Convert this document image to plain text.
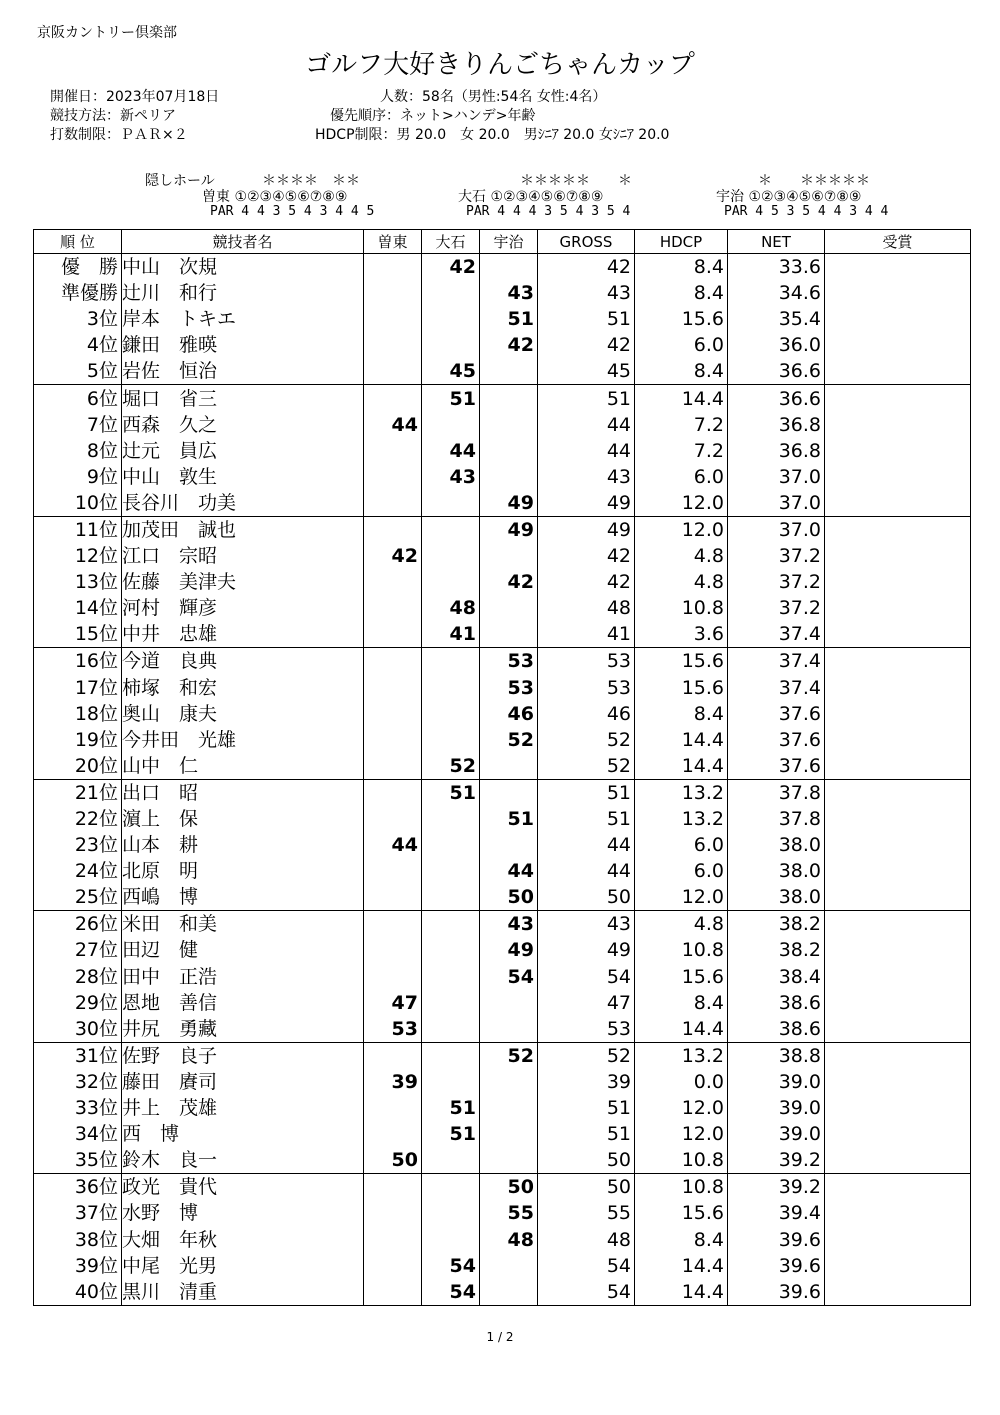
京阪カントリー倶楽部
ゴルフ大好きりんごちゃんカップ
開催日：2023年07月18日
競技方法：新ペリア
打数制限：ＰＡＲ×２
人数：58名（男性:54名 女性:4名）
優先順序：ネット>ハンデ>年齢
HDCP制限：男 20.0　女 20.0　男ｼﾆｱ 20.0 女ｼﾆｱ 20.0
隠しホール	＊＊＊＊　＊＊
曽東 ①②③④⑤⑥⑦⑧⑨
PAR 4 4 3 5 4 3 4 4 5
＊＊＊＊＊　　＊
大石 ①②③④⑤⑥⑦⑧⑨
PAR 4 4 4 3 5 4 3 5 4
＊　　＊＊＊＊＊
宇治 ①②③④⑤⑥⑦⑧⑨
PAR 4 5 3 5 4 4 3 4 4
順 位	競技者名	曽東	大石	宇治	GROSS	HDCP	NET	受賞
優　勝	中山　次規		42		42	8.4	33.6	
準優勝	辻川　和行			43	43	8.4	34.6	
3位	岸本　トキエ			51	51	15.6	35.4	
4位	鎌田　雅暎			42	42	6.0	36.0	
5位	岩佐　恒治		45		45	8.4	36.6	
6位	堀口　省三		51		51	14.4	36.6	
7位	西森　久之	44			44	7.2	36.8	
8位	辻元　員広		44		44	7.2	36.8	
9位	中山　敦生		43		43	6.0	37.0	
10位	長谷川　功美			49	49	12.0	37.0	
11位	加茂田　誠也			49	49	12.0	37.0	
12位	江口　宗昭	42			42	4.8	37.2	
13位	佐藤　美津夫			42	42	4.8	37.2	
14位	河村　輝彦		48		48	10.8	37.2	
15位	中井　忠雄		41		41	3.6	37.4	
16位	今道　良典			53	53	15.6	37.4	
17位	柿塚　和宏			53	53	15.6	37.4	
18位	奥山　康夫			46	46	8.4	37.6	
19位	今井田　光雄			52	52	14.4	37.6	
20位	山中　仁		52		52	14.4	37.6	
21位	出口　昭		51		51	13.2	37.8	
22位	濵上　保			51	51	13.2	37.8	
23位	山本　耕	44			44	6.0	38.0	
24位	北原　明			44	44	6.0	38.0	
25位	西嶋　博			50	50	12.0	38.0	
26位	米田　和美			43	43	4.8	38.2	
27位	田辺　健			49	49	10.8	38.2	
28位	田中　正浩			54	54	15.6	38.4	
29位	恩地　善信	47			47	8.4	38.6	
30位	井尻　勇藏	53			53	14.4	38.6	
31位	佐野　良子			52	52	13.2	38.8	
32位	藤田　賡司	39			39	0.0	39.0	
33位	井上　茂雄		51		51	12.0	39.0	
34位	西　博		51		51	12.0	39.0	
35位	鈴木　良一	50			50	10.8	39.2	
36位	政光　貴代			50	50	10.8	39.2	
37位	水野　博			55	55	15.6	39.4	
38位	大畑　年秋			48	48	8.4	39.6	
39位	中尾　光男		54		54	14.4	39.6	
40位	黒川　清重		54		54	14.4	39.6	
1 / 2
